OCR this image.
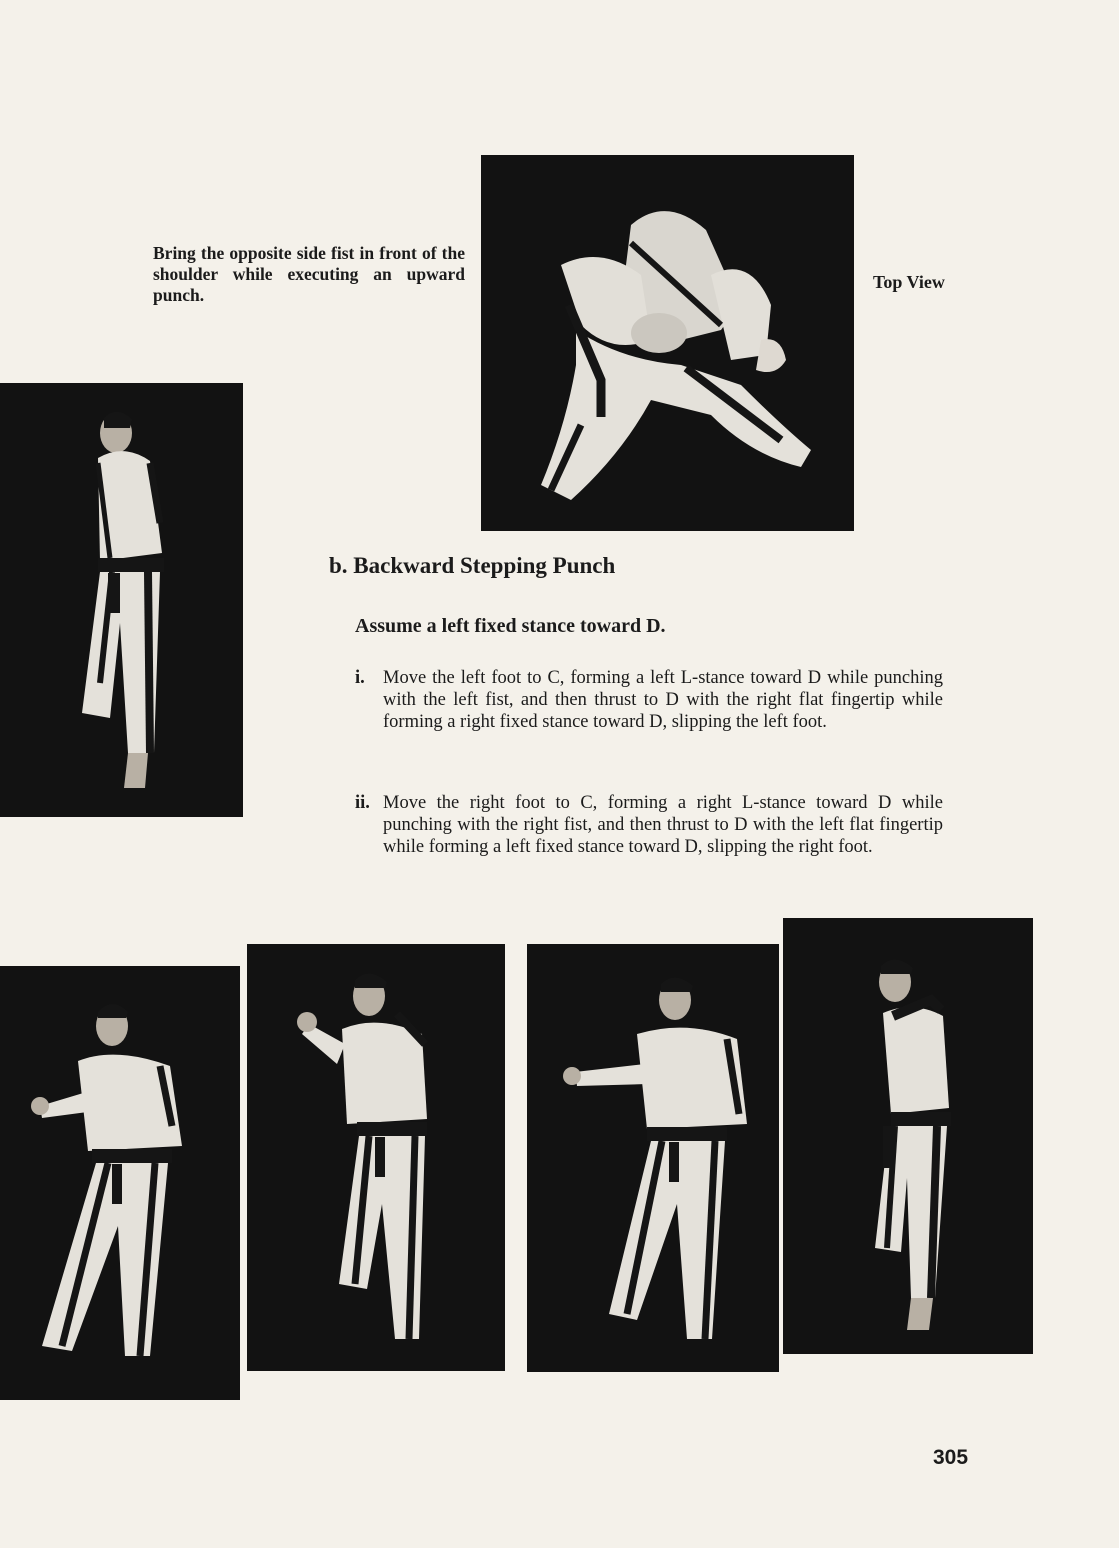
Bring the opposite side fist in front of the shoulder while executing an upward punch.
Top View
b. Backward Stepping Punch
Assume a left fixed stance toward D.
i. Move the left foot to C, forming a left L-stance toward D while punching with the left fist, and then thrust to D with the right flat fingertip while forming a right fixed stance toward D, slipping the left foot.
ii. Move the right foot to C, forming a right L-stance toward D while punching with the right fist, and then thrust to D with the left flat fingertip while forming a left fixed stance toward D, slipping the right foot.
305
